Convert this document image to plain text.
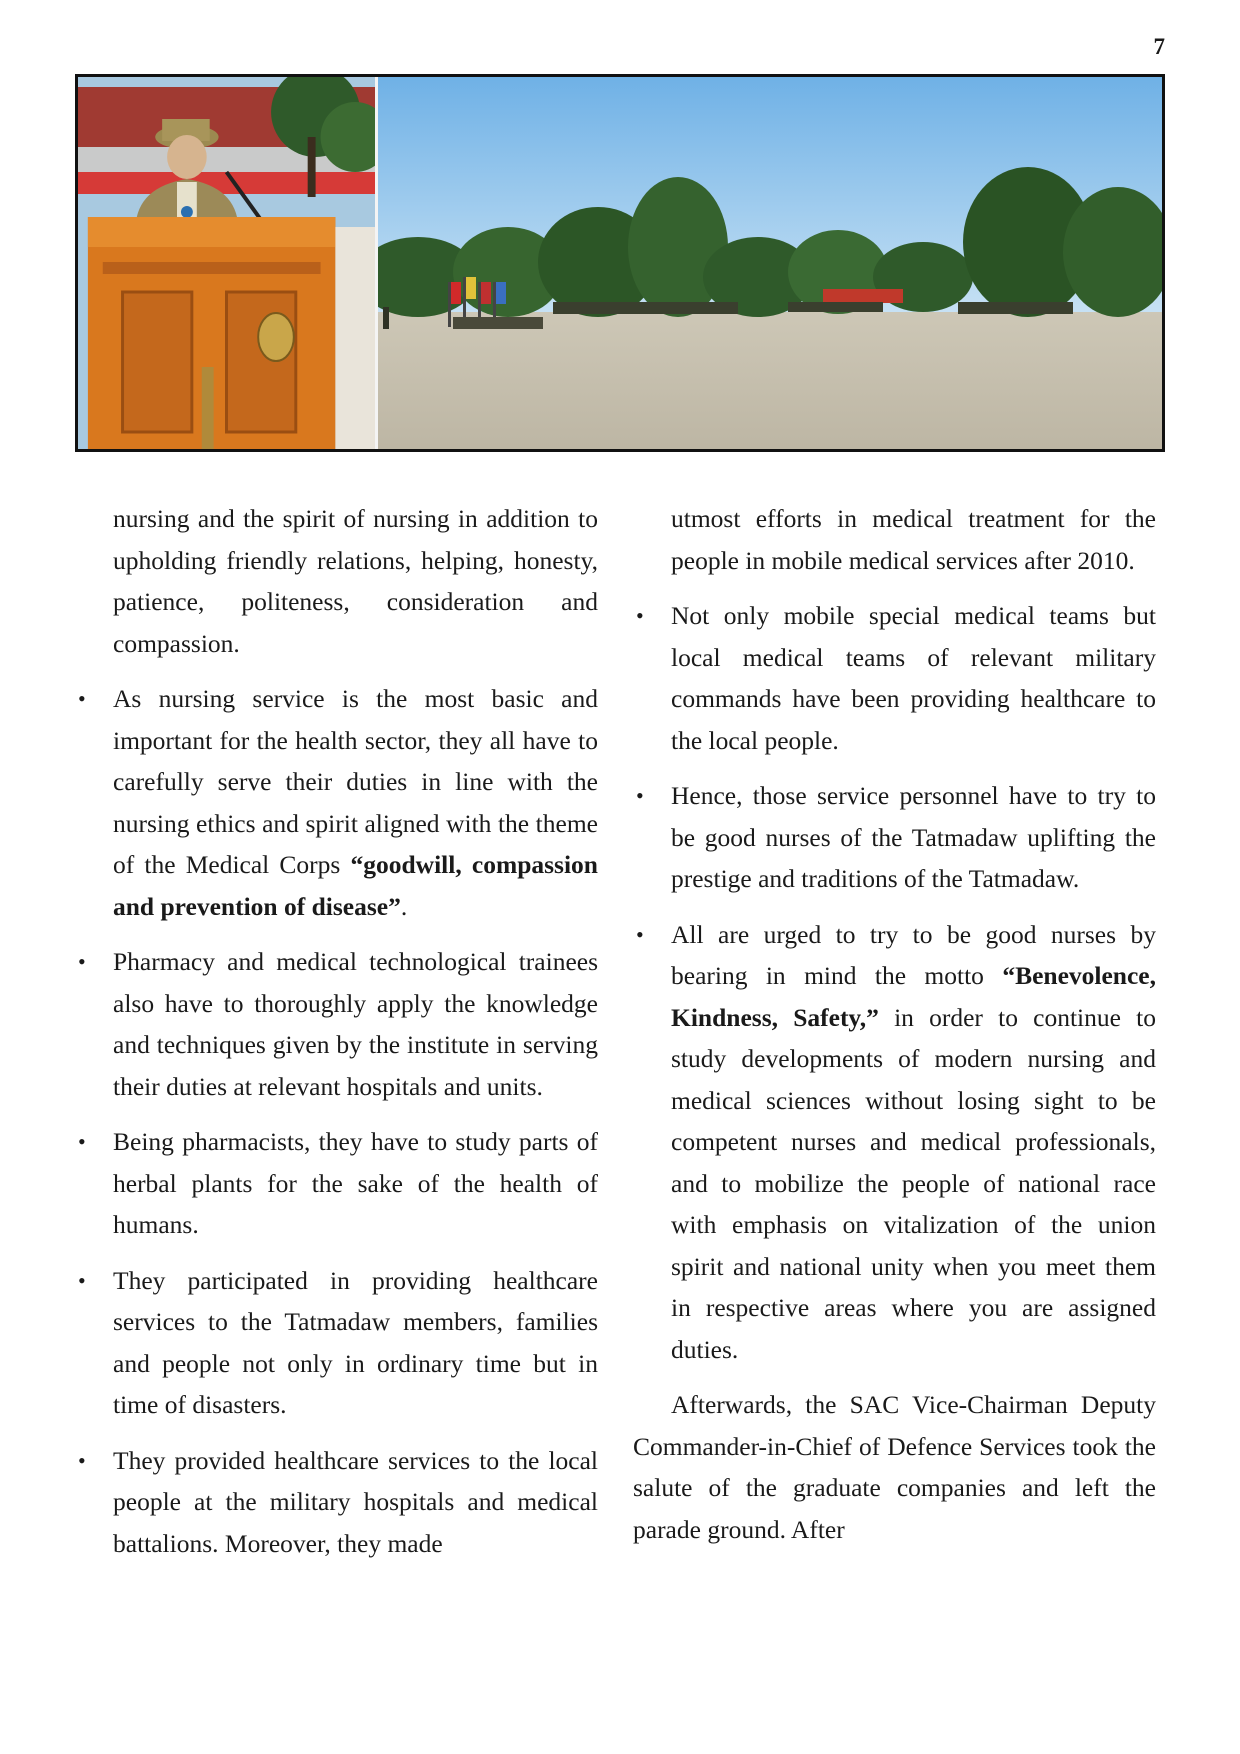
7

nursing and the spirit of nursing in addition to upholding friendly relations, helping, honesty, patience, politeness, consideration and compassion.

• As nursing service is the most basic and important for the health sector, they all have to carefully serve their duties in line with the nursing ethics and spirit aligned with the theme of the Medical Corps “goodwill, compassion and prevention of disease”.
• Pharmacy and medical technological trainees also have to thoroughly apply the knowledge and techniques given by the institute in serving their duties at relevant hospitals and units.
• Being pharmacists, they have to study parts of herbal plants for the sake of the health of humans.
• They participated in providing healthcare services to the Tatmadaw members, families and people not only in ordinary time but in time of disasters.
• They provided healthcare services to the local people at the military hospitals and medical battalions. Moreover, they made

utmost efforts in medical treatment for the people in mobile medical services after 2010.

• Not only mobile special medical teams but local medical teams of relevant military commands have been providing healthcare to the local people.
• Hence, those service personnel have to try to be good nurses of the Tatmadaw uplifting the prestige and traditions of the Tatmadaw.
• All are urged to try to be good nurses by bearing in mind the motto “Benevolence, Kindness, Safety,” in order to continue to study developments of modern nursing and medical sciences without losing sight to be competent nurses and medical professionals, and to mobilize the people of national race with emphasis on vitalization of the union spirit and national unity when you meet them in respective areas where you are assigned duties.

Afterwards, the SAC Vice-Chairman Deputy Commander-in-Chief of Defence Services took the salute of the graduate companies and left the parade ground. After
